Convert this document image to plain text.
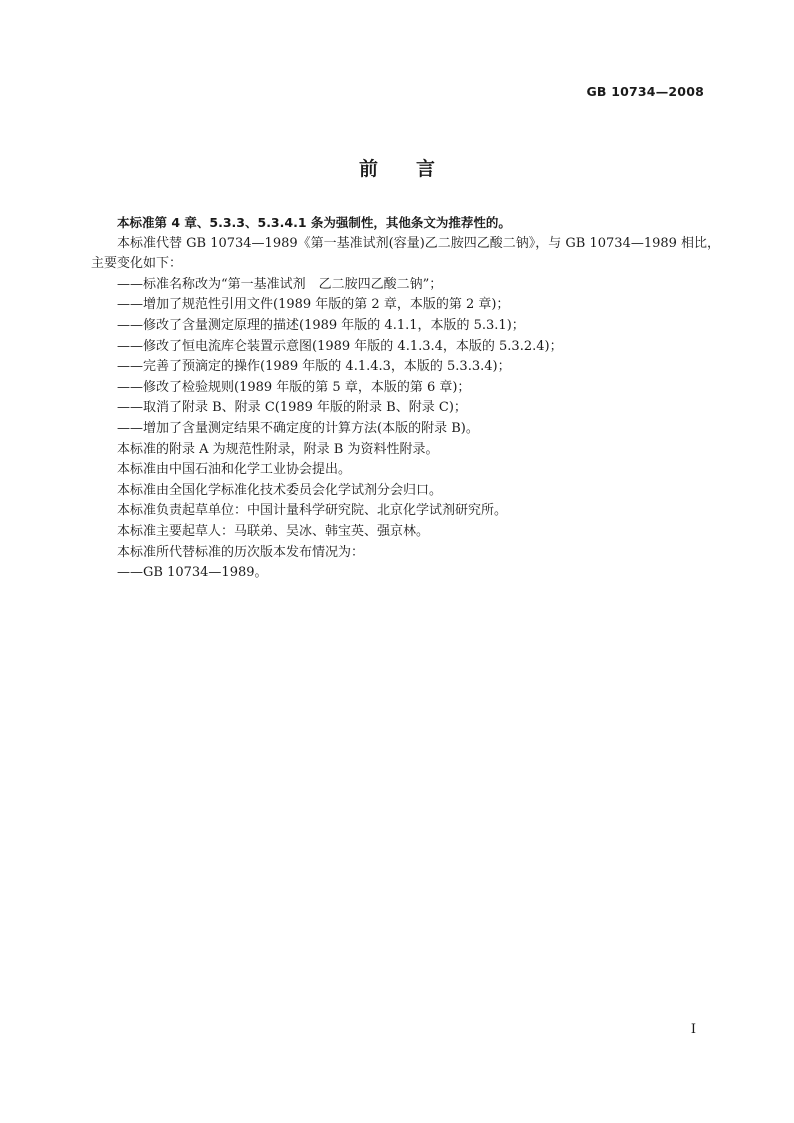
GB 10734—2008
前 言

本标准第 4 章、5.3.3、5.3.4.1 条为强制性，其他条文为推荐性的。

本标准代替 GB 10734—1989《第一基准试剂(容量)乙二胺四乙酸二钠》，与 GB 10734—1989 相比，

主要变化如下：

——标准名称改为“第一基准试剂　乙二胺四乙酸二钠”；

——增加了规范性引用文件(1989 年版的第 2 章，本版的第 2 章)；

——修改了含量测定原理的描述(1989 年版的 4.1.1，本版的 5.3.1)；

——修改了恒电流库仑装置示意图(1989 年版的 4.1.3.4，本版的 5.3.2.4)；

——完善了预滴定的操作(1989 年版的 4.1.4.3，本版的 5.3.3.4)；

——修改了检验规则(1989 年版的第 5 章，本版的第 6 章)；

——取消了附录 B、附录 C(1989 年版的附录 B、附录 C)；

——增加了含量测定结果不确定度的计算方法(本版的附录 B)。

本标准的附录 A 为规范性附录，附录 B 为资料性附录。

本标准由中国石油和化学工业协会提出。

本标准由全国化学标准化技术委员会化学试剂分会归口。

本标准负责起草单位：中国计量科学研究院、北京化学试剂研究所。

本标准主要起草人：马联弟、吴冰、韩宝英、强京林。

本标准所代替标准的历次版本发布情况为：

——GB 10734—1989。

I
